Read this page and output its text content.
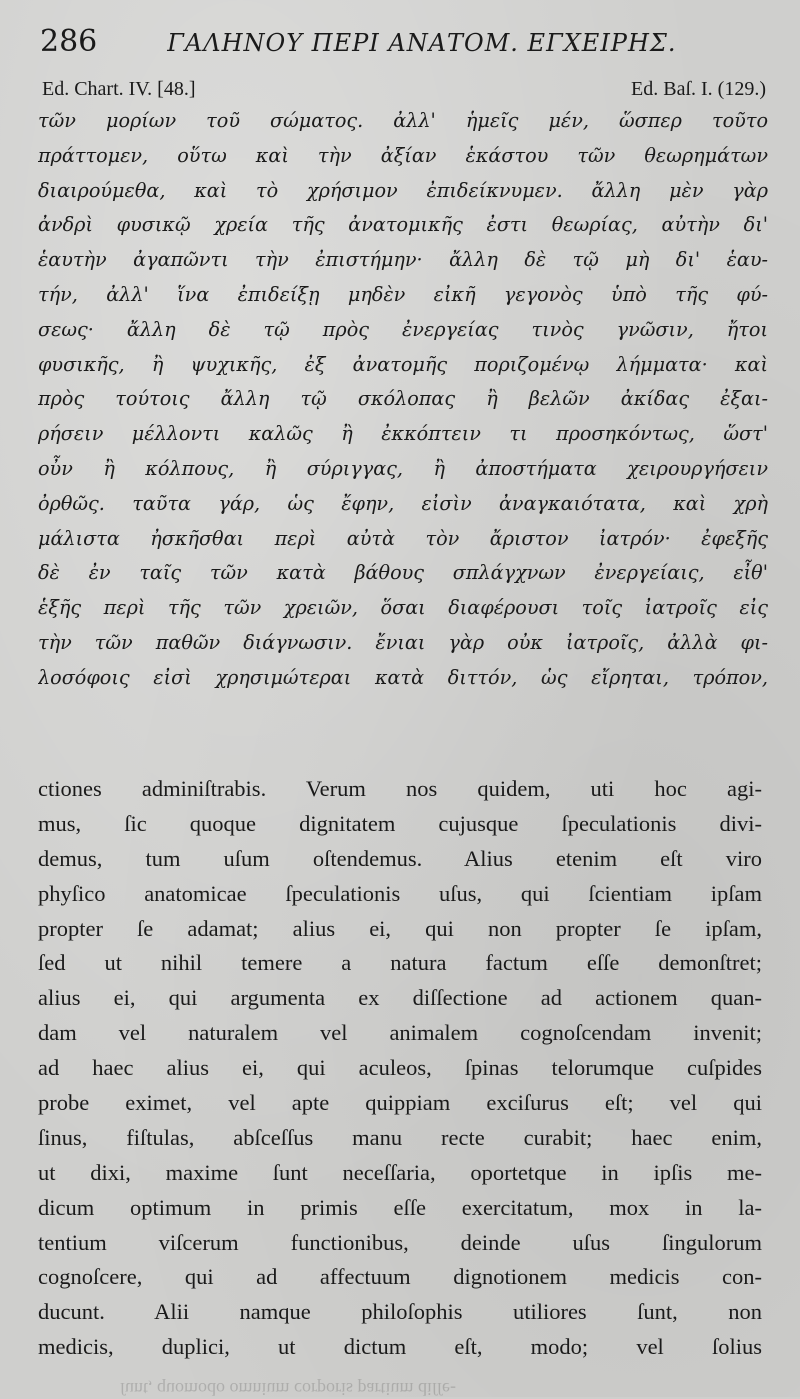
286	ΓΑΛΗΝΟΥ ΠΕΡΙ ΑΝΑΤΟΜ. ΕΓΧΕΙΡΗΣ.
Ed. Chart. IV. [48.]	Ed. Baſ. I. (129.)
τῶν μορίων τοῦ σώματος. ἀλλ' ἡμεῖς μέν, ὥσπερ τοῦτο
πράττομεν, οὕτω καὶ τὴν ἀξίαν ἑκάστου τῶν θεωρημάτων
διαιρούμεθα, καὶ τὸ χρήσιμον ἐπιδείκνυμεν. ἄλλη μὲν γὰρ
ἀνδρὶ φυσικῷ χρεία τῆς ἀνατομικῆς ἐστι θεωρίας, αὐτὴν δι'
ἑαυτὴν ἀγαπῶντι τὴν ἐπιστήμην· ἄλλη δὲ τῷ μὴ δι' ἑαυ-
τήν, ἀλλ' ἵνα ἐπιδείξῃ μηδὲν εἰκῆ γεγονὸς ὑπὸ τῆς φύ-
σεως· ἄλλη δὲ τῷ πρὸς ἐνεργείας τινὸς γνῶσιν, ἤτοι
φυσικῆς, ἢ ψυχικῆς, ἐξ ἀνατομῆς ποριζομένῳ λήμματα· καὶ
πρὸς τούτοις ἄλλη τῷ σκόλοπας ἢ βελῶν ἀκίδας ἐξαι-
ρήσειν μέλλοντι καλῶς ἢ ἐκκόπτειν τι προσηκόντως, ὥστ'
οὖν ἢ κόλπους, ἢ σύριγγας, ἢ ἀποστήματα χειρουργήσειν
ὀρθῶς. ταῦτα γάρ, ὡς ἔφην, εἰσὶν ἀναγκαιότατα, καὶ χρὴ
μάλιστα ἠσκῆσθαι περὶ αὐτὰ τὸν ἄριστον ἰατρόν· ἐφεξῆς
δὲ ἐν ταῖς τῶν κατὰ βάθους σπλάγχνων ἐνεργείαις, εἶθ'
ἑξῆς περὶ τῆς τῶν χρειῶν, ὅσαι διαφέρουσι τοῖς ἰατροῖς εἰς
τὴν τῶν παθῶν διάγνωσιν. ἔνιαι γὰρ οὐκ ἰατροῖς, ἀλλὰ φι-
λοσόφοις εἰσὶ χρησιμώτεραι κατὰ διττόν, ὡς εἴρηται, τρόπον,
ctiones adminiſtrabis. Verum nos quidem, uti hoc agi-
mus, ſic quoque dignitatem cujusque ſpeculationis divi-
demus, tum uſum oſtendemus. Alius etenim eſt viro
phyſico anatomicae ſpeculationis uſus, qui ſcientiam ipſam
propter ſe adamat; alius ei, qui non propter ſe ipſam,
ſed ut nihil temere a natura factum eſſe demonſtret;
alius ei, qui argumenta ex diſſectione ad actionem quan-
dam vel naturalem vel animalem cognoſcendam invenit;
ad haec alius ei, qui aculeos, ſpinas telorumque cuſpides
probe eximet, vel apte quippiam exciſurus eſt; vel qui
ſinus, fiſtulas, abſceſſus manu recte curabit; haec enim,
ut dixi, maxime ſunt neceſſaria, oportetque in ipſis me-
dicum optimum in primis eſſe exercitatum, mox in la-
tentium viſcerum functionibus, deinde uſus ſingulorum
cognoſcere, qui ad affectuum dignotionem medicis con-
ducunt. Alii namque philoſophis utiliores ſunt, non
medicis, duplici, ut dictum eſt, modo; vel ſolius
ſunt, quomodo omnium corporis partium diſſe-
